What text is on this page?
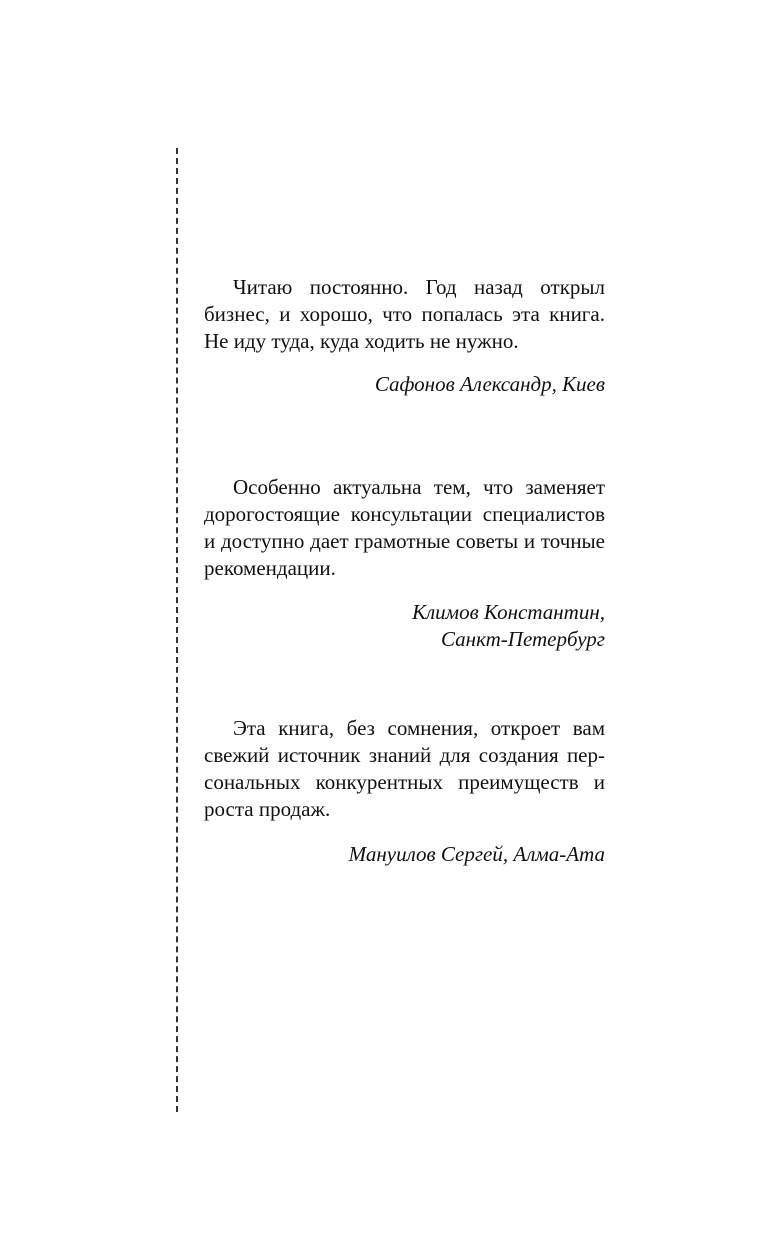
Читаю постоянно. Год назад открыл бизнес, и хорошо, что попалась эта книга. Не иду туда, куда ходить не нужно.

Сафонов Александр, Киев

Особенно актуальна тем, что заменяет дорогостоящие консультации специалистов и доступно дает грамотные советы и точные рекомендации.

Климов Константин,
Санкт-Петербург

Эта книга, без сомнения, откроет вам свежий источник знаний для создания персональных конкурентных преимуществ и роста продаж.

Мануилов Сергей, Алма-Ата
